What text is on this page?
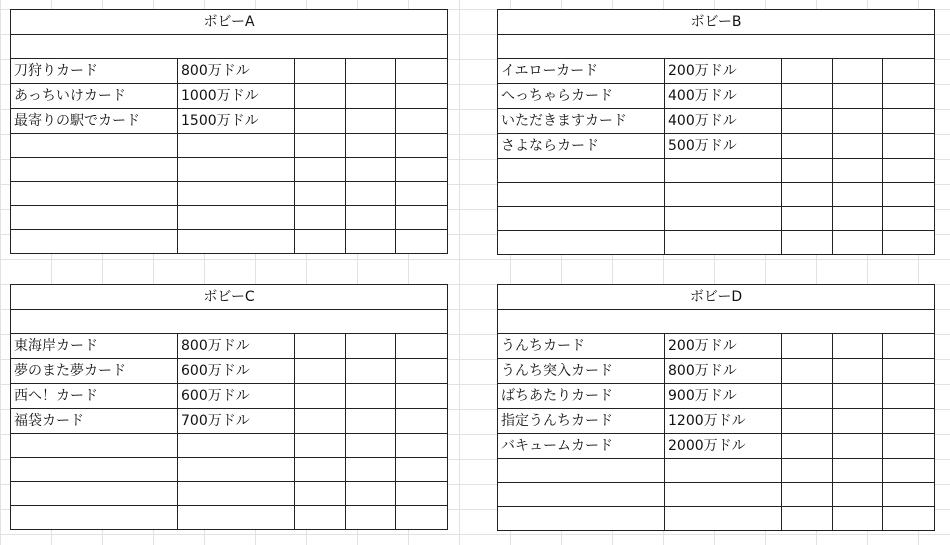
ボビーA				

刀狩りカード	800万ドル			
あっちいけカード	1000万ドル			
最寄りの駅でカード	1500万ドル			

ボビーB				

イエローカード	200万ドル			
へっちゃらカード	400万ドル			
いただきますカード	400万ドル			
さよならカード	500万ドル			

ボビーC				

東海岸カード	800万ドル			
夢のまた夢カード	600万ドル			
西へ！カード	600万ドル			
福袋カード	700万ドル			

ボビーD				

うんちカード	200万ドル			
うんち突入カード	800万ドル			
ばちあたりカード	900万ドル			
指定うんちカード	1200万ドル			
バキュームカード	2000万ドル			
